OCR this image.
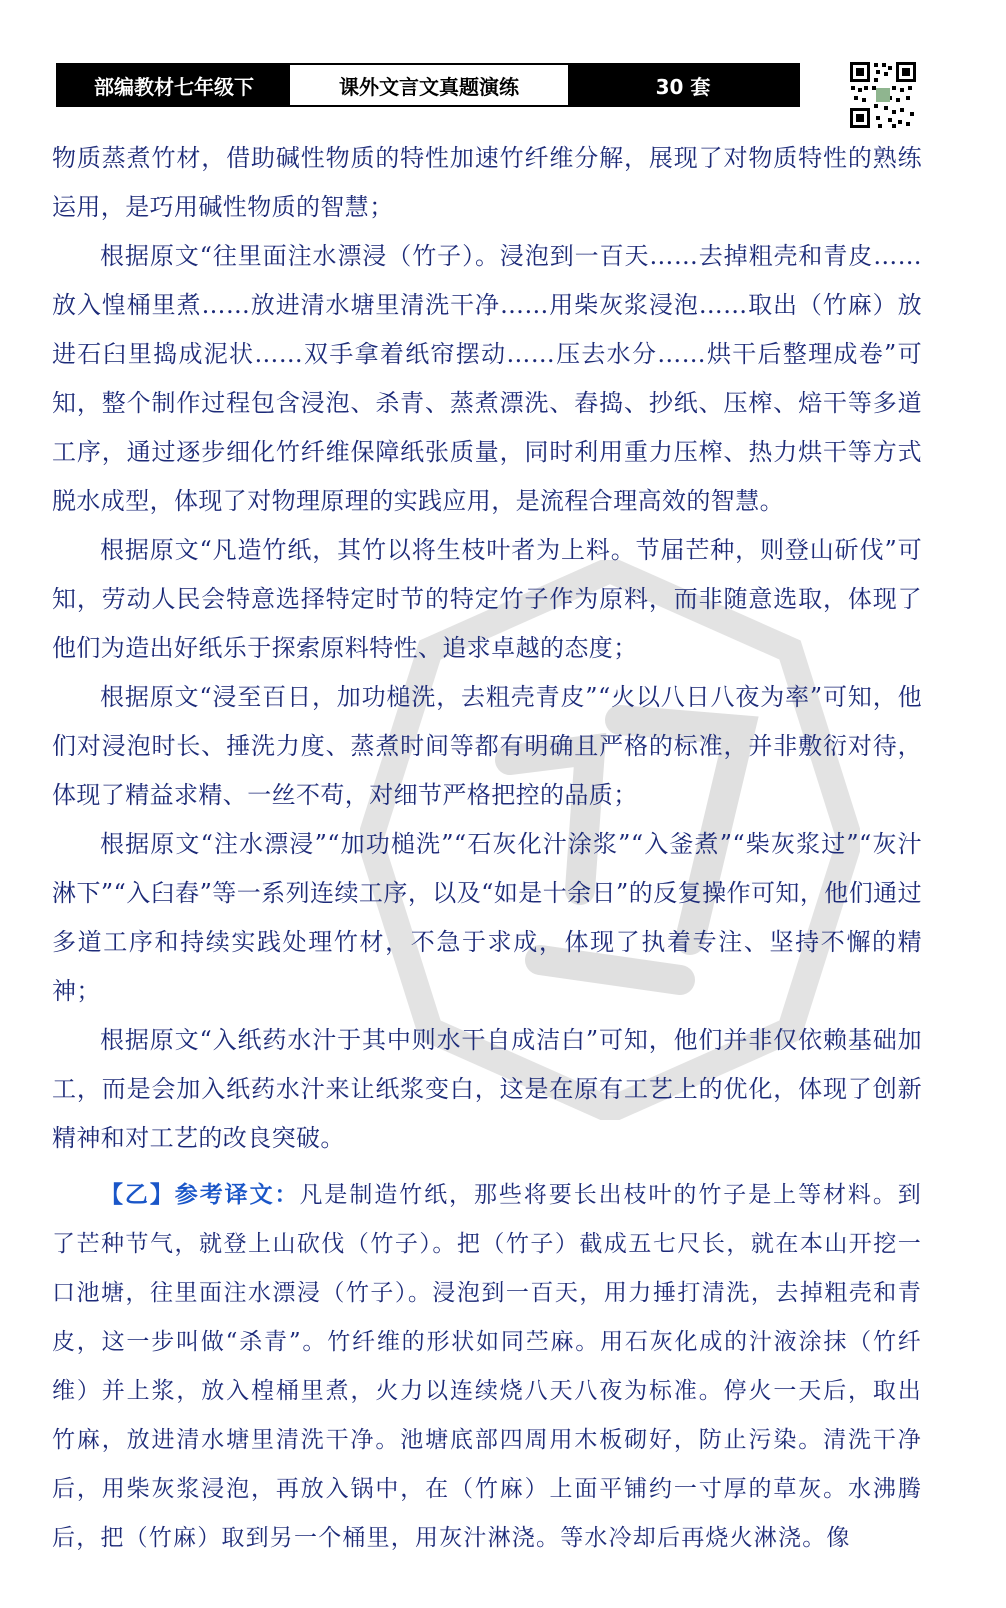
部编教材七年级下	课外文言文真题演练	30 套

物质蒸煮竹材，借助碱性物质的特性加速竹纤维分解，展现了对物质特性的熟练运用，是巧用碱性物质的智慧；

根据原文“往里面注水漂浸（竹子）。浸泡到一百天……去掉粗壳和青皮……放入惶桶里煮……放进清水塘里清洗干净……用柴灰浆浸泡……取出（竹麻）放进石臼里捣成泥状……双手拿着纸帘摆动……压去水分……烘干后整理成卷”可知，整个制作过程包含浸泡、杀青、蒸煮漂洗、舂捣、抄纸、压榨、焙干等多道工序，通过逐步细化竹纤维保障纸张质量，同时利用重力压榨、热力烘干等方式脱水成型，体现了对物理原理的实践应用，是流程合理高效的智慧。

根据原文“凡造竹纸，其竹以将生枝叶者为上料。节届芒种，则登山斫伐”可知，劳动人民会特意选择特定时节的特定竹子作为原料，而非随意选取，体现了他们为造出好纸乐于探索原料特性、追求卓越的态度；

根据原文“浸至百日，加功槌洗，去粗壳青皮”“火以八日八夜为率”可知，他们对浸泡时长、捶洗力度、蒸煮时间等都有明确且严格的标准，并非敷衍对待，体现了精益求精、一丝不苟，对细节严格把控的品质；

根据原文“注水漂浸”“加功槌洗”“石灰化汁涂浆”“入釜煮”“柴灰浆过”“灰汁淋下”“入臼舂”等一系列连续工序，以及“如是十余日”的反复操作可知，他们通过多道工序和持续实践处理竹材，不急于求成，体现了执着专注、坚持不懈的精神；

根据原文“入纸药水汁于其中则水干自成洁白”可知，他们并非仅依赖基础加工，而是会加入纸药水汁来让纸浆变白，这是在原有工艺上的优化，体现了创新精神和对工艺的改良突破。

【乙】参考译文：凡是制造竹纸，那些将要长出枝叶的竹子是上等材料。到了芒种节气，就登上山砍伐（竹子）。把（竹子）截成五七尺长，就在本山开挖一口池塘，往里面注水漂浸（竹子）。浸泡到一百天，用力捶打清洗，去掉粗壳和青皮，这一步叫做“杀青”。竹纤维的形状如同苎麻。用石灰化成的汁液涂抹（竹纤维）并上浆，放入楻桶里煮，火力以连续烧八天八夜为标准。停火一天后，取出竹麻，放进清水塘里清洗干净。池塘底部四周用木板砌好，防止污染。清洗干净后，用柴灰浆浸泡，再放入锅中，在（竹麻）上面平铺约一寸厚的草灰。水沸腾后，把（竹麻）取到另一个桶里，用灰汁淋浇。等水冷却后再烧火淋浇。像
